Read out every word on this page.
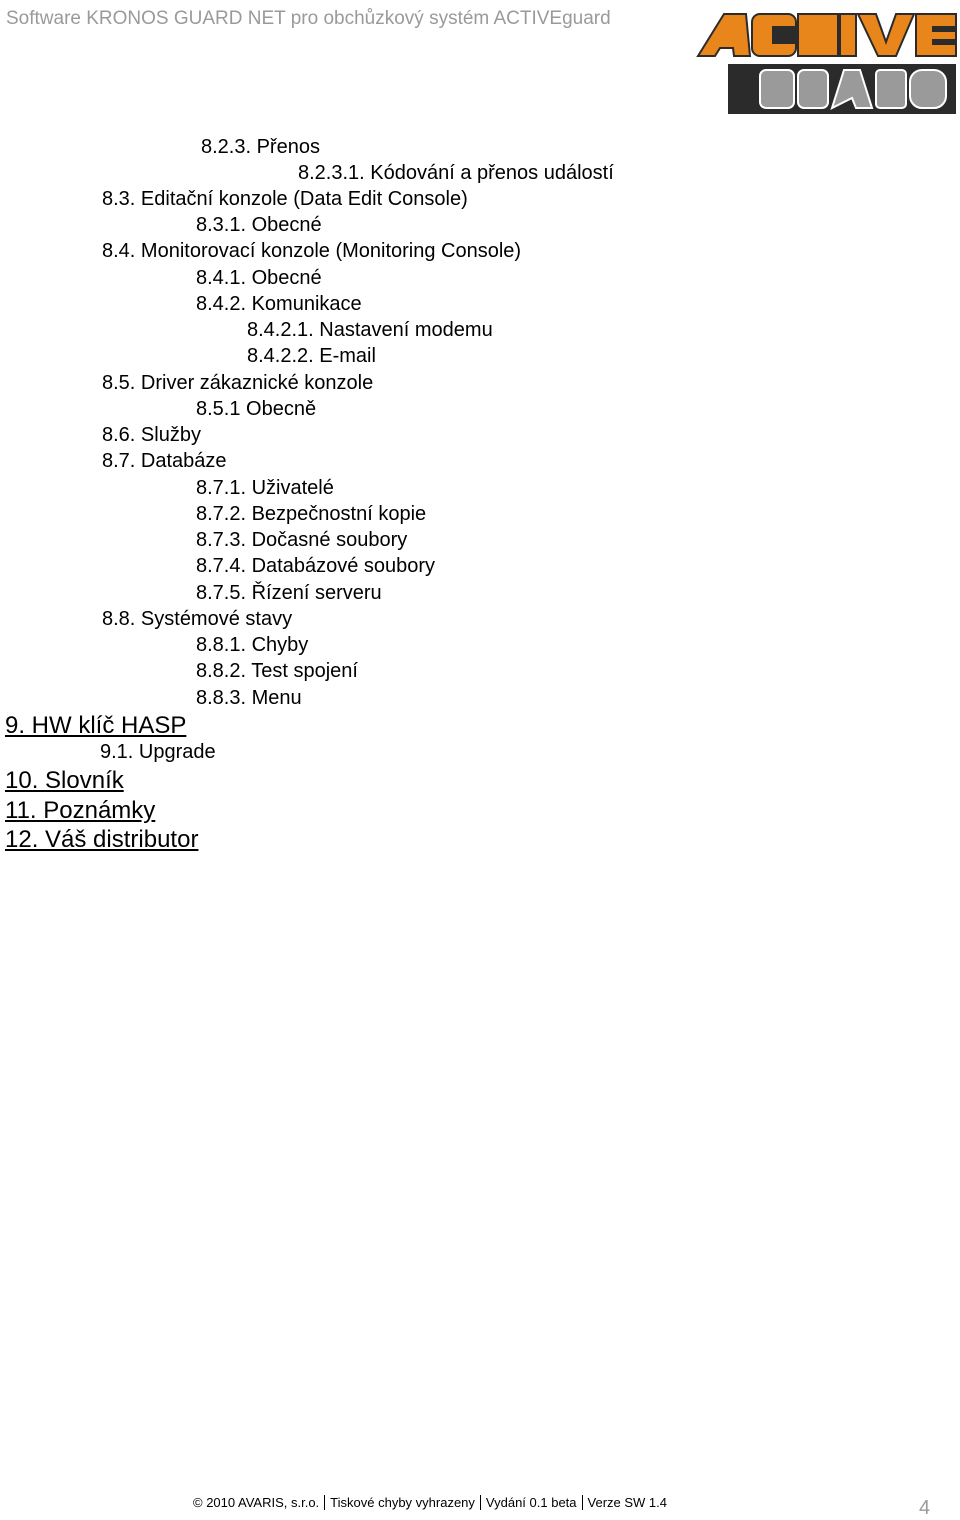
Software KRONOS GUARD NET pro obchůzkový systém ACTIVEguard
8.2.3. Přenos
8.2.3.1. Kódování a přenos událostí
8.3. Editační konzole (Data Edit Console)
8.3.1. Obecné
8.4. Monitorovací konzole (Monitoring Console)
8.4.1. Obecné
8.4.2. Komunikace
8.4.2.1. Nastavení modemu
8.4.2.2. E-mail
8.5. Driver zákaznické konzole
8.5.1 Obecně
8.6. Služby
8.7. Databáze
8.7.1. Uživatelé
8.7.2. Bezpečnostní kopie
8.7.3. Dočasné soubory
8.7.4. Databázové soubory
8.7.5. Řízení serveru
8.8. Systémové stavy
8.8.1. Chyby
8.8.2. Test spojení
8.8.3. Menu
9. HW klíč HASP
9.1. Upgrade
10. Slovník
11. Poznámky
12. Váš distributor
© 2010 AVARIS, s.r.o. Tiskové chyby vyhrazeny Vydání 0.1 beta Verze SW 1.4	4
